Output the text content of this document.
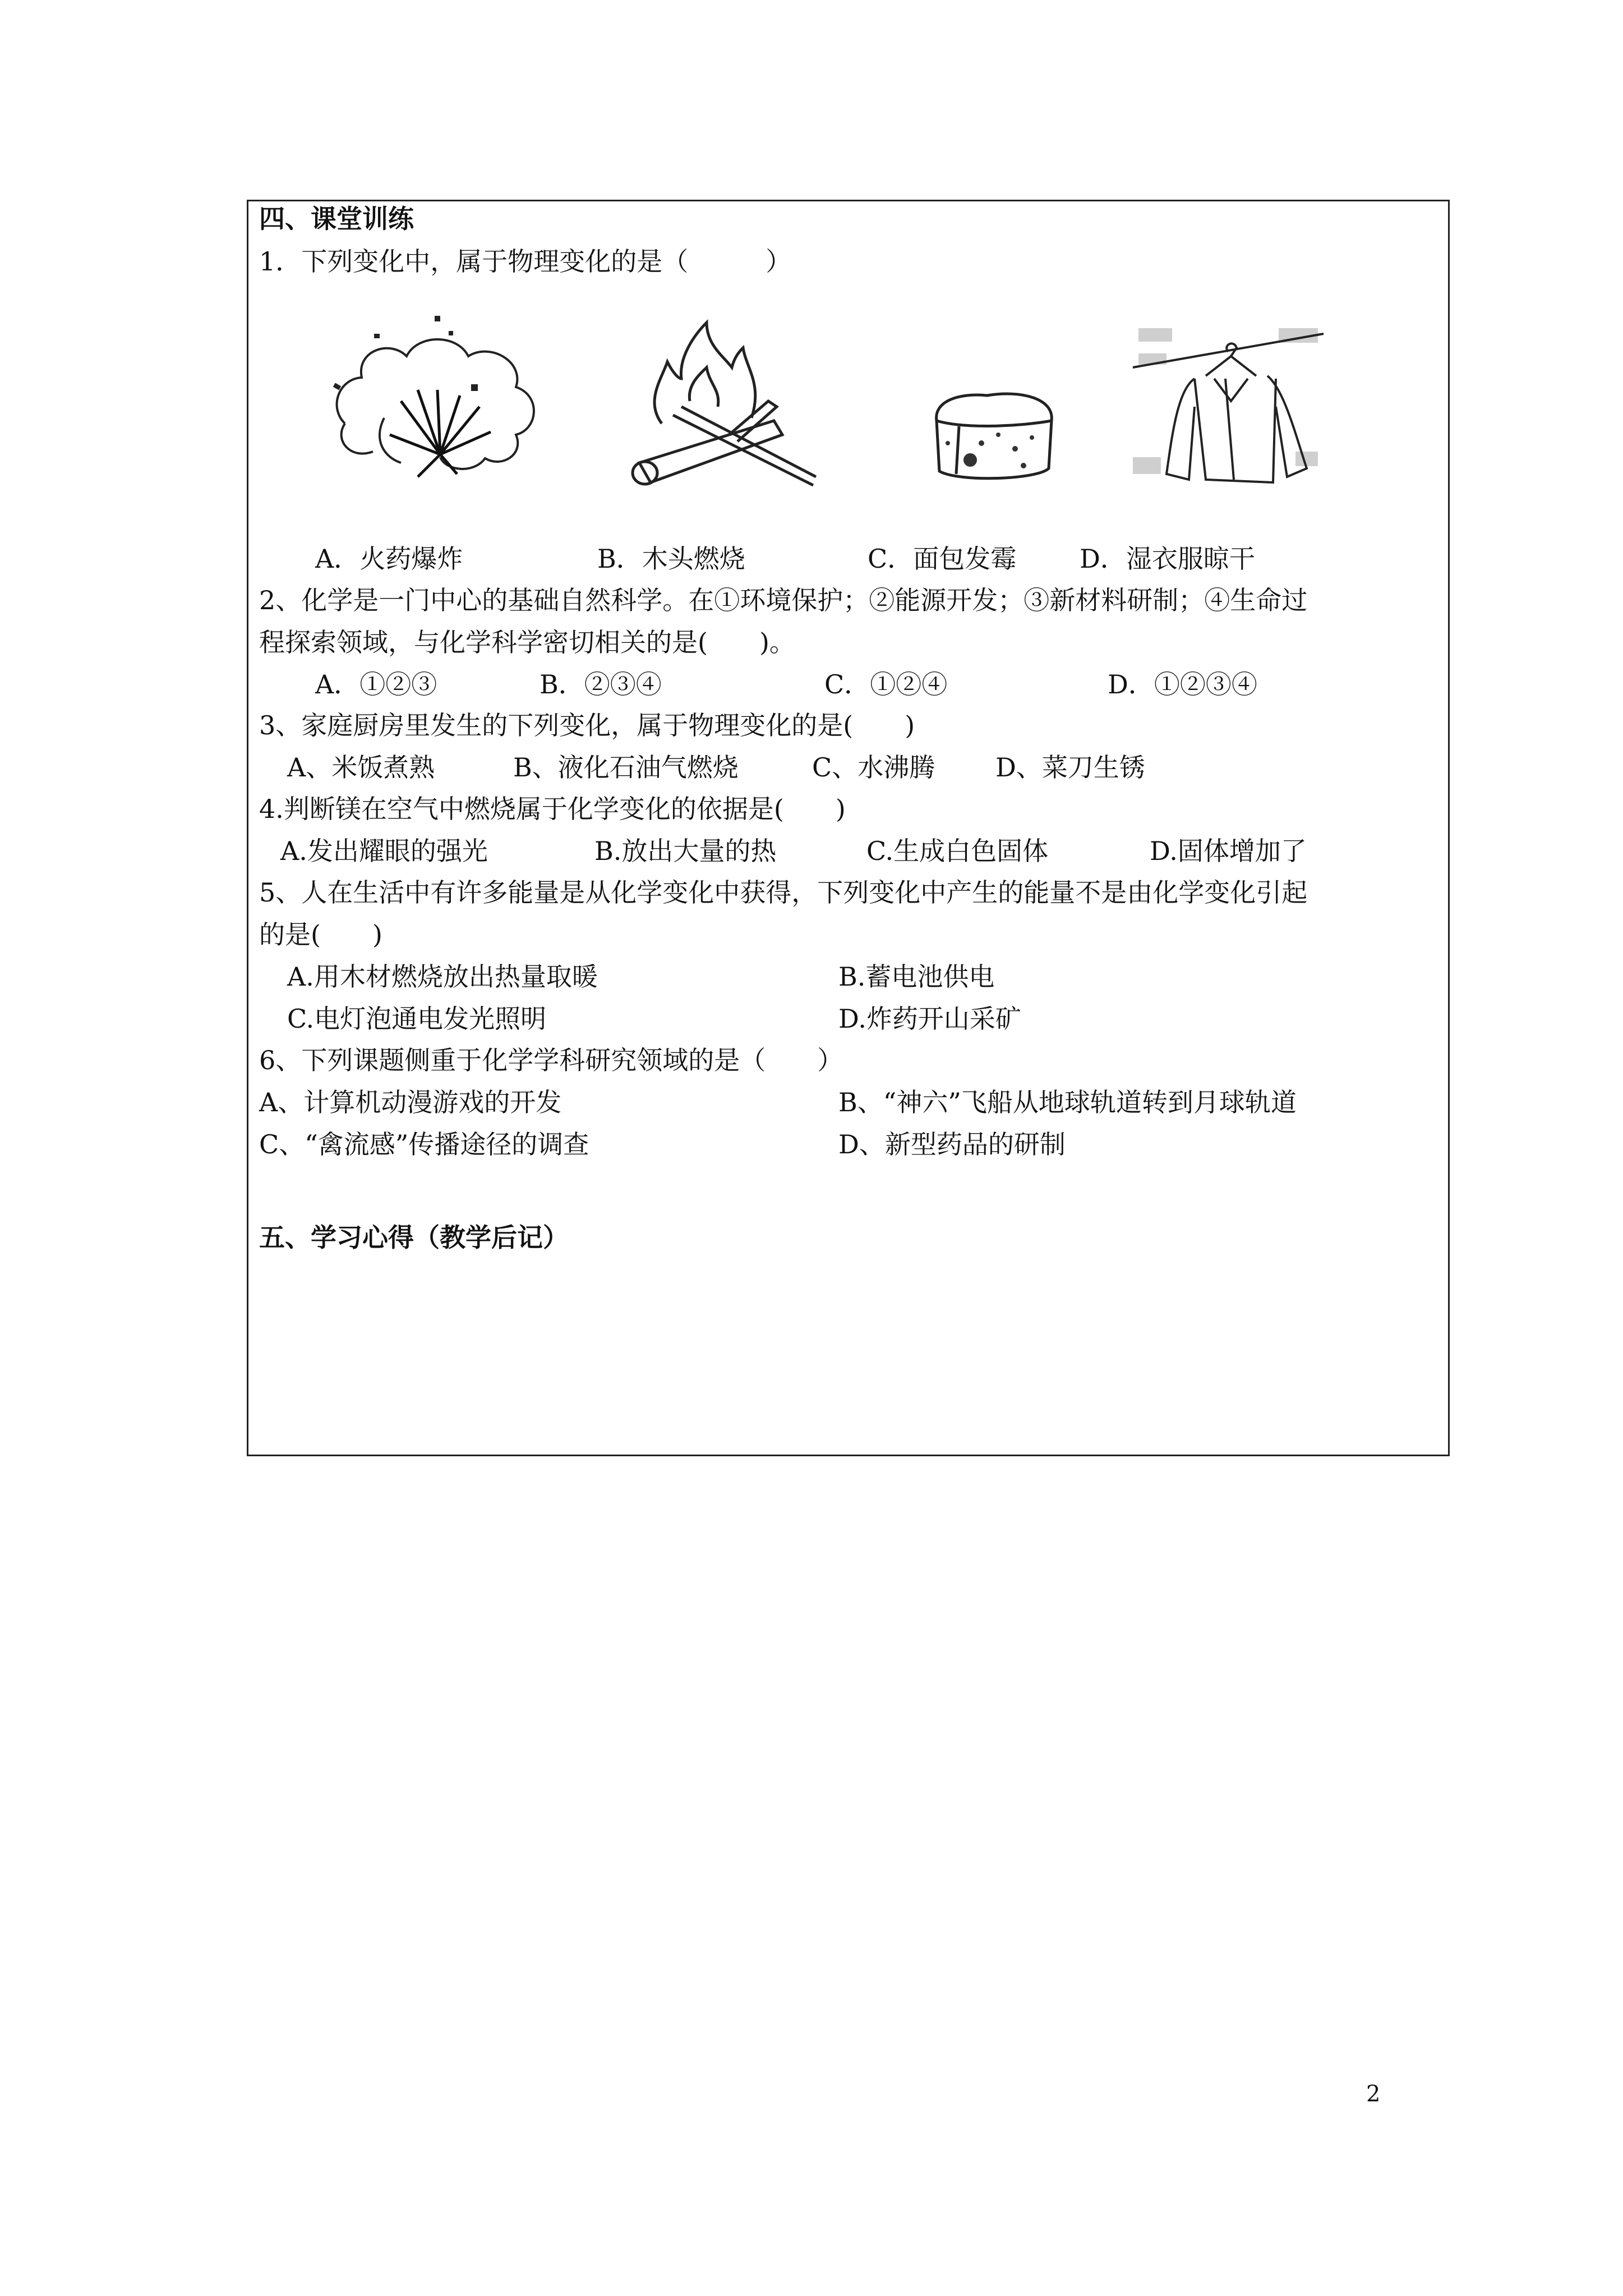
四、课堂训练
1．下列变化中，属于物理变化的是（　　　）
A．火药爆炸	B．木头燃烧	C．面包发霉 D．湿衣服晾干
2、化学是一门中心的基础自然科学。在①环境保护；②能源开发；③新材料研制；④生命过
程探索领域，与化学科学密切相关的是(　　)。
A．①②③	B．②③④	C．①②④	D．①②③④
3、家庭厨房里发生的下列变化，属于物理变化的是(　　)
A、米饭煮熟	B、液化石油气燃烧	C、水沸腾 D、菜刀生锈
4.判断镁在空气中燃烧属于化学变化的依据是(　　)
A.发出耀眼的强光	B.放出大量的热	C.生成白色固体	D.固体增加了
5、人在生活中有许多能量是从化学变化中获得，下列变化中产生的能量不是由化学变化引起
的是(　　)
A.用木材燃烧放出热量取暖	B.蓄电池供电
C.电灯泡通电发光照明	D.炸药开山采矿
6、下列课题侧重于化学学科研究领域的是（　　）
A、计算机动漫游戏的开发	B、“神六”飞船从地球轨道转到月球轨道
C、“禽流感”传播途径的调查	D、新型药品的研制
五、学习心得（教学后记）
2
